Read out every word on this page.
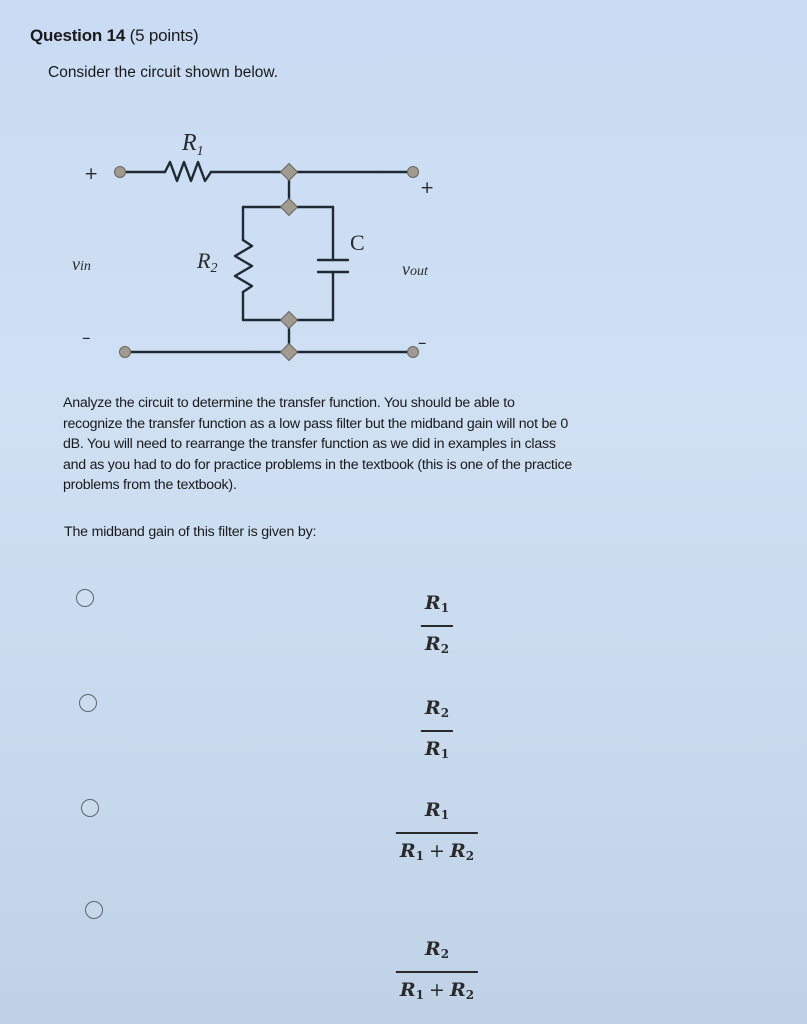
Question 14 (5 points)
Consider the circuit shown below.
$R_1$
R2
C
vin	vout
+
+
–	–
Analyze the circuit to determine the transfer function. You should be able to
recognize the transfer function as a low pass filter but the midband gain will not be 0
dB. You will need to rearrange the transfer function as we did in examples in class
and as you had to do for practice problems in the textbook (this is one of the practice
problems from the textbook).
The midband gain of this filter is given by:
$R_1$
$R_2$
$R_2$
$R_1$
$R_1$
$R_1 + R_2$
$R_2$
$R_1 + R_2$
